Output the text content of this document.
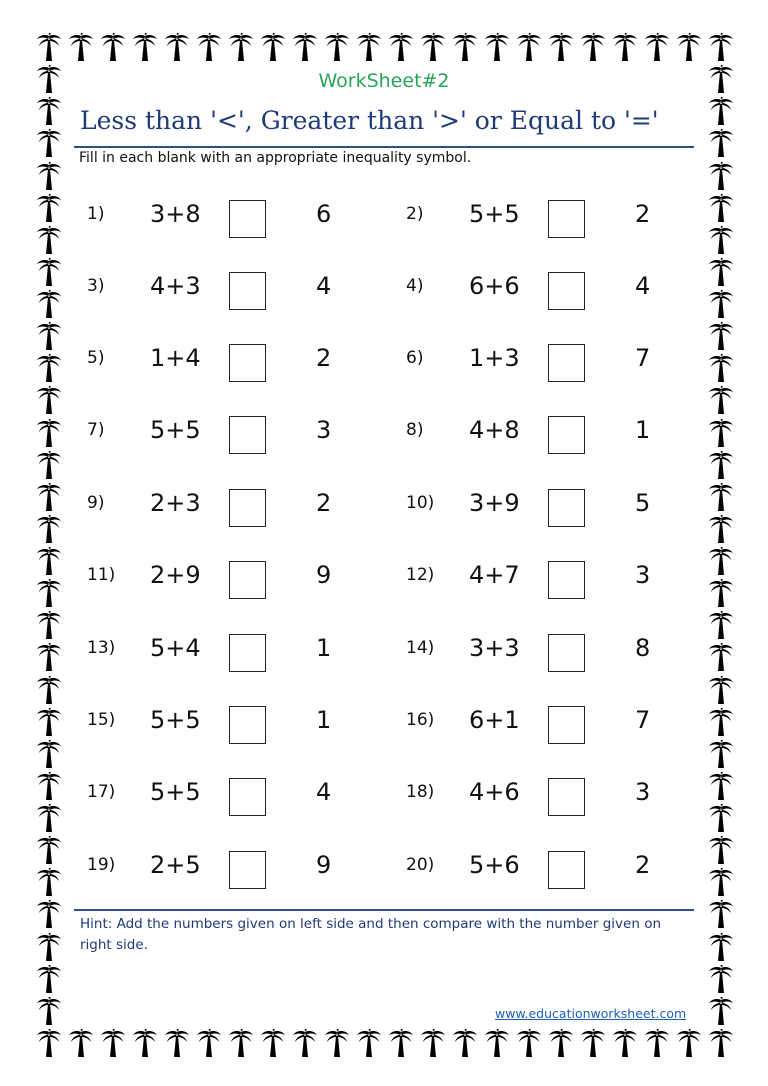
WorkSheet#2
Less than '<', Greater than '>' or Equal to '='
Fill in each blank with an appropriate inequality symbol.
1) 3+8	6	2) 5+5	2
3) 4+3	4	4) 6+6	4
5) 1+4	2	6) 1+3	7
7) 5+5	3	8) 4+8	1
9) 2+3	2	10) 3+9	5
11) 2+9	9	12) 4+7	3
13) 5+4	1	14) 3+3	8
15) 5+5	1	16) 6+1	7
17) 5+5	4	18) 4+6	3
19) 2+5	9	20) 5+6	2
Hint: Add the numbers given on left side and then compare with the number given on right side.
www.educationworksheet.com
